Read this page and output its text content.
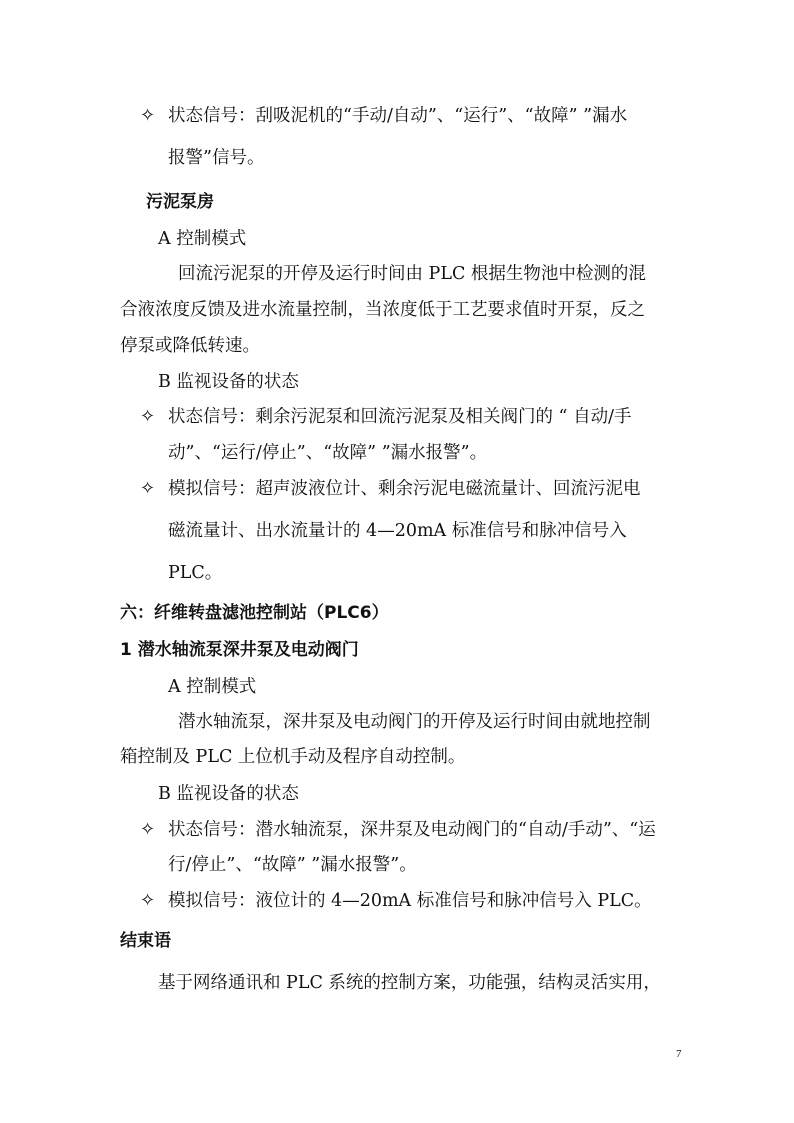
✧ 状态信号：刮吸泥机的“手动/自动”、“运行”、“故障” ”漏水
报警”信号。
污泥泵房
A 控制模式
回流污泥泵的开停及运行时间由 PLC 根据生物池中检测的混
合液浓度反馈及进水流量控制，当浓度低于工艺要求值时开泵，反之
停泵或降低转速。
B 监视设备的状态
✧ 状态信号：剩余污泥泵和回流污泥泵及相关阀门的 “ 自动/手
动”、“运行/停止”、“故障” ”漏水报警”。
✧ 模拟信号：超声波液位计、剩余污泥电磁流量计、回流污泥电
磁流量计、出水流量计的 4—20mA 标准信号和脉冲信号入
PLC。
六：纤维转盘滤池控制站（PLC6）
1 潜水轴流泵深井泵及电动阀门
A 控制模式
潜水轴流泵，深井泵及电动阀门的开停及运行时间由就地控制
箱控制及 PLC 上位机手动及程序自动控制。
B 监视设备的状态
✧ 状态信号：潜水轴流泵，深井泵及电动阀门的“自动/手动”、“运
行/停止”、“故障” ”漏水报警”。
✧ 模拟信号：液位计的 4—20mA 标准信号和脉冲信号入 PLC。
结束语
基于网络通讯和 PLC 系统的控制方案，功能强，结构灵活实用，
7
